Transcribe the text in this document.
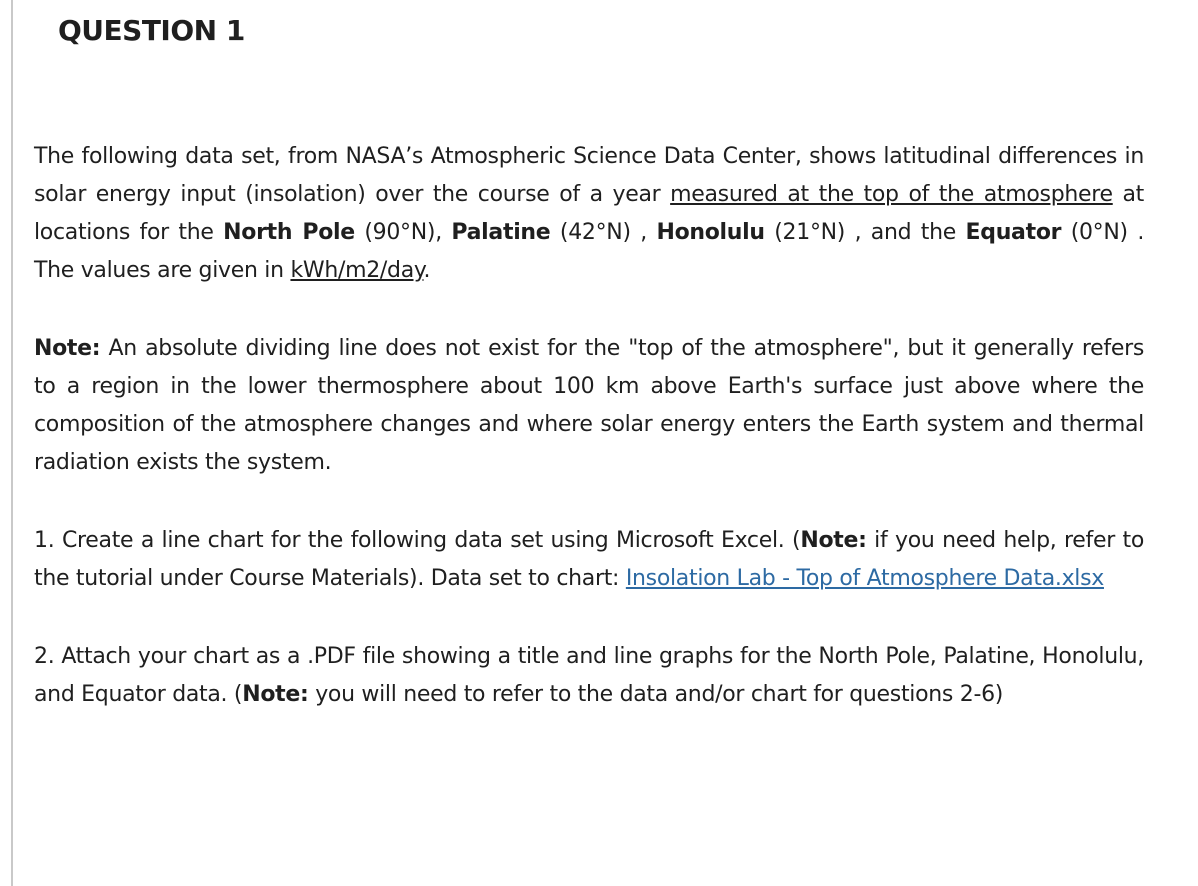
QUESTION 1

The following data set, from NASA’s Atmospheric Science Data Center, shows latitudinal differences in solar energy input (insolation) over the course of a year measured at the top of the atmosphere at locations for the North Pole (90°N), Palatine (42°N) , Honolulu (21°N) , and the Equator (0°N) . The values are given in kWh/m2/day.

Note: An absolute dividing line does not exist for the "top of the atmosphere", but it generally refers to a region in the lower thermosphere about 100 km above Earth's surface just above where the composition of the atmosphere changes and where solar energy enters the Earth system and thermal radiation exists the system.

1. Create a line chart for the following data set using Microsoft Excel. (Note: if you need help, refer to the tutorial under Course Materials). Data set to chart: Insolation Lab - Top of Atmosphere Data.xlsx

2. Attach your chart as a .PDF file showing a title and line graphs for the North Pole, Palatine, Honolulu, and Equator data. (Note: you will need to refer to the data and/or chart for questions 2-6)
